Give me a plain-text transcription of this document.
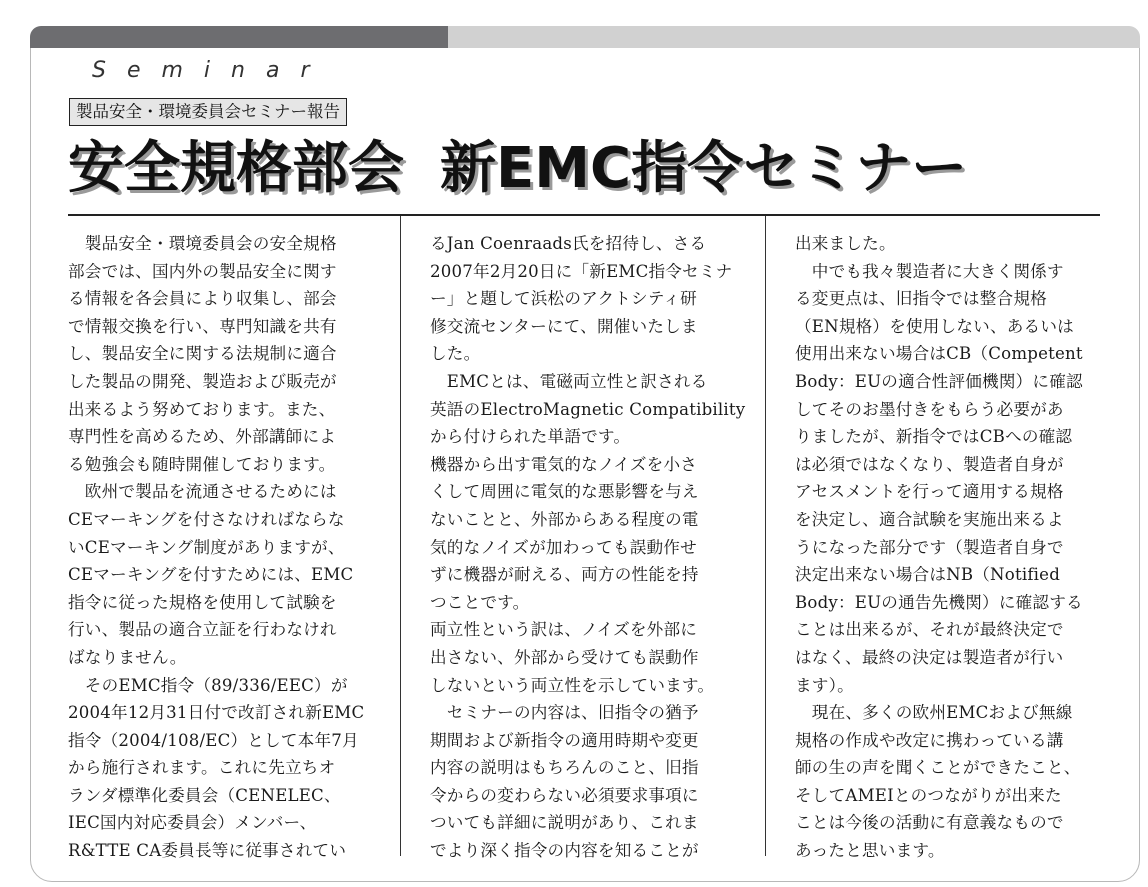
Seminar
製品安全・環境委員会セミナー報告
安全規格部会 新EMC指令セミナー
　製品安全・環境委員会の安全規格
部会では、国内外の製品安全に関す
る情報を各会員により収集し、部会
で情報交換を行い、専門知識を共有
し、製品安全に関する法規制に適合
した製品の開発、製造および販売が
出来るよう努めております。また、
専門性を高めるため、外部講師によ
る勉強会も随時開催しております。
　欧州で製品を流通させるためには
CEマーキングを付さなければならな
いCEマーキング制度がありますが、
CEマーキングを付すためには、EMC
指令に従った規格を使用して試験を
行い、製品の適合立証を行わなけれ
ばなりません。
　そのEMC指令（89/336/EEC）が
2004年12月31日付で改訂され新EMC
指令（2004/108/EC）として本年7月
から施行されます。これに先立ちオ
ランダ標準化委員会（CENELEC、
IEC国内対応委員会）メンバー、
R&TTE CA委員長等に従事されてい
るJan Coenraads氏を招待し、さる
2007年2月20日に「新EMC指令セミナ
ー」と題して浜松のアクトシティ研
修交流センターにて、開催いたしま
した。
　EMCとは、電磁両立性と訳される
英語のElectroMagnetic Compatibility
から付けられた単語です。
機器から出す電気的なノイズを小さ
くして周囲に電気的な悪影響を与え
ないことと、外部からある程度の電
気的なノイズが加わっても誤動作せ
ずに機器が耐える、両方の性能を持
つことです。
両立性という訳は、ノイズを外部に
出さない、外部から受けても誤動作
しないという両立性を示しています。
　セミナーの内容は、旧指令の猶予
期間および新指令の適用時期や変更
内容の説明はもちろんのこと、旧指
令からの変わらない必須要求事項に
ついても詳細に説明があり、これま
でより深く指令の内容を知ることが
出来ました。
　中でも我々製造者に大きく関係す
る変更点は、旧指令では整合規格
（EN規格）を使用しない、あるいは
使用出来ない場合はCB（Competent
Body：EUの適合性評価機関）に確認
してそのお墨付きをもらう必要があ
りましたが、新指令ではCBへの確認
は必須ではなくなり、製造者自身が
アセスメントを行って適用する規格
を決定し、適合試験を実施出来るよ
うになった部分です（製造者自身で
決定出来ない場合はNB（Notified
Body：EUの通告先機関）に確認する
ことは出来るが、それが最終決定で
はなく、最終の決定は製造者が行い
ます）。
　現在、多くの欧州EMCおよび無線
規格の作成や改定に携わっている講
師の生の声を聞くことができたこと、
そしてAMEIとのつながりが出来た
ことは今後の活動に有意義なもので
あったと思います。
